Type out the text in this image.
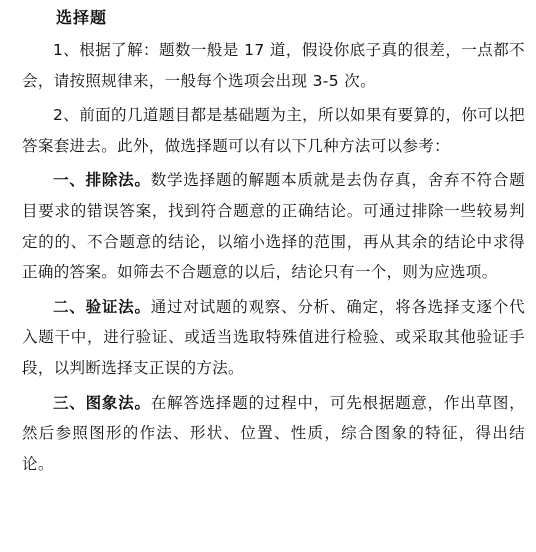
选择题

1、根据了解：题数一般是 17 道，假设你底子真的很差，一点都不会，请按照规律来，一般每个选项会出现 3-5 次。

2、前面的几道题目都是基础题为主，所以如果有要算的，你可以把答案套进去。此外，做选择题可以有以下几种方法可以参考：

一、排除法。数学选择题的解题本质就是去伪存真，舍弃不符合题目要求的错误答案，找到符合题意的正确结论。可通过排除一些较易判定的的、不合题意的结论，以缩小选择的范围，再从其余的结论中求得正确的答案。如筛去不合题意的以后，结论只有一个，则为应选项。

二、验证法。通过对试题的观察、分析、确定，将各选择支逐个代入题干中，进行验证、或适当选取特殊值进行检验、或采取其他验证手段，以判断选择支正误的方法。

三、图象法。在解答选择题的过程中，可先根据题意，作出草图，然后参照图形的作法、形状、位置、性质，综合图象的特征，得出结论。
